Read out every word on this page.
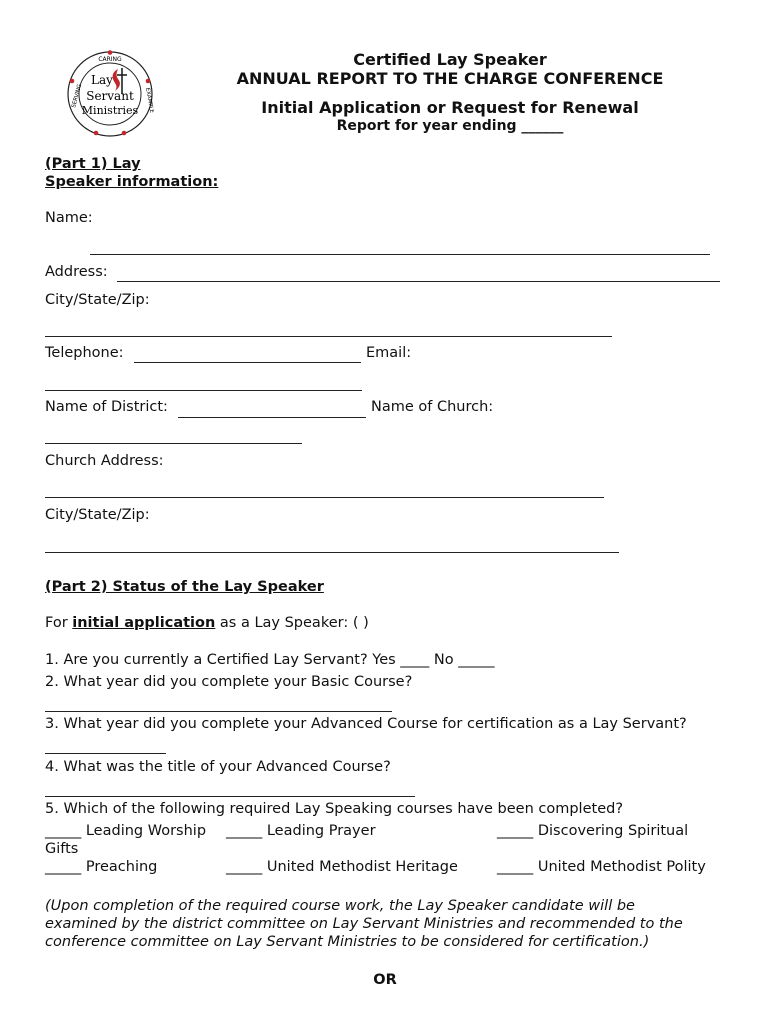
CARING
Lay
Servant
Ministries
SERVING	EXAMPLE
Certified Lay Speaker
ANNUAL REPORT TO THE CHARGE CONFERENCE
Initial Application or Request for Renewal
Report for year ending ______
(Part 1) Lay
Speaker information:
Name:
Address:
City/State/Zip:
Telephone:	Email:
Name of District:	Name of Church:
Church Address:
City/State/Zip:
(Part 2) Status of the Lay Speaker
For initial application as a Lay Speaker: ( )
1. Are you currently a Certified Lay Servant? Yes ____ No _____
2. What year did you complete your Basic Course?
3. What year did you complete your Advanced Course for certification as a Lay Servant?
4. What was the title of your Advanced Course?
5. Which of the following required Lay Speaking courses have been completed?
_____ Leading Worship _____ Leading Prayer	_____ Discovering Spiritual
Gifts
_____ Preaching	_____ United Methodist Heritage	_____ United Methodist Polity
(Upon completion of the required course work, the Lay Speaker candidate will be
examined by the district committee on Lay Servant Ministries and recommended to the
conference committee on Lay Servant Ministries to be considered for certification.)
OR
